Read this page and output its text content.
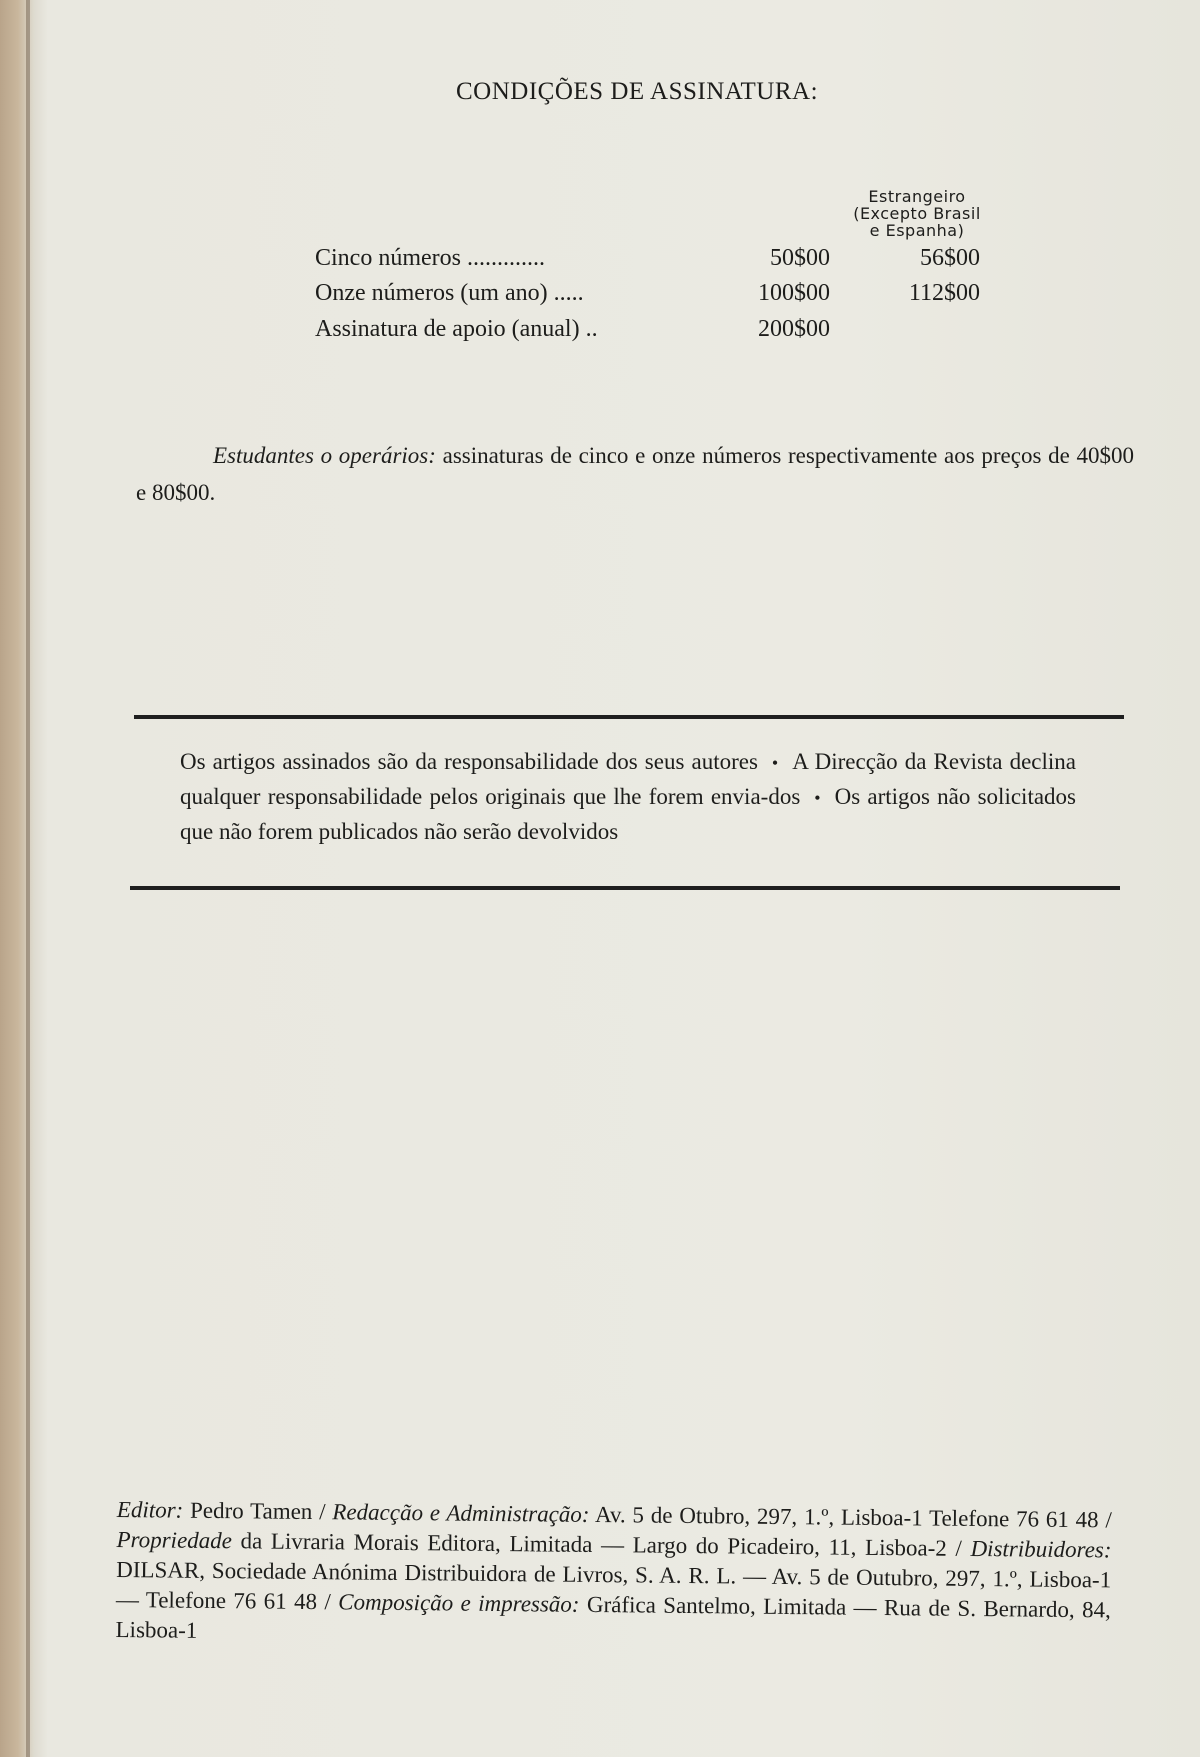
CONDIÇÕES DE ASSINATURA:
Estrangeiro
(Excepto Brasil
e Espanha)
Cinco números .............	50$00	56$00
Onze números (um ano) .....	100$00	112$00
Assinatura de apoio (anual) ..	200$00
Estudantes o operários: assinaturas de cinco e onze números respectivamente aos preços de 40$00 e 80$00.
Os artigos assinados são da responsabilidade dos seus autores • A Direcção da Revista declina qualquer responsabilidade pelos originais que lhe forem envia-dos • Os artigos não solicitados que não forem publicados não serão devolvidos
Editor: Pedro Tamen / Redacção e Administração: Av. 5 de Otubro, 297, 1.º, Lisboa-1 Telefone 76 61 48 / Propriedade da Livraria Morais Editora, Limitada — Largo do Picadeiro, 11, Lisboa-2 / Distribuidores: DILSAR, Sociedade Anónima Distribuidora de Livros, S. A. R. L. — Av. 5 de Outubro, 297, 1.º, Lisboa-1 — Telefone 76 61 48 / Composição e impressão: Gráfica Santelmo, Limitada — Rua de S. Bernardo, 84, Lisboa-1
